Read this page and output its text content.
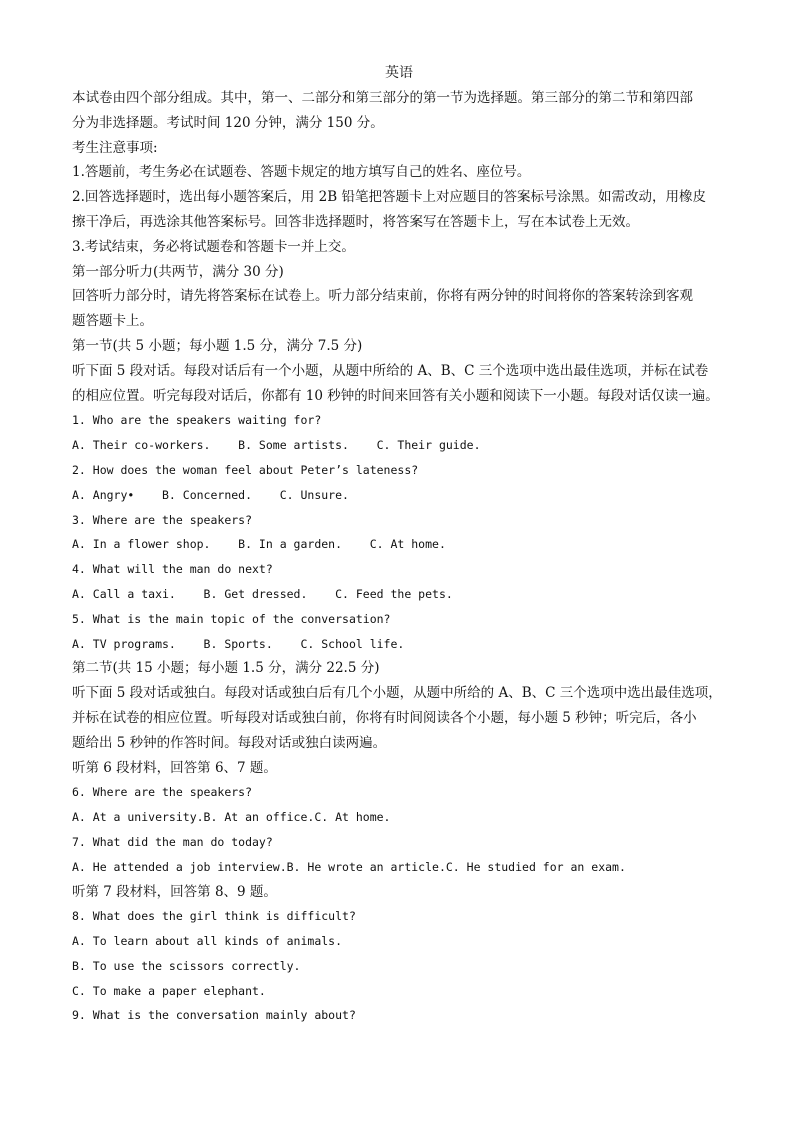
英语
本试卷由四个部分组成。其中，第一、二部分和第三部分的第一节为选择题。第三部分的第二节和第四部
分为非选择题。考试时间 120 分钟，满分 150 分。
考生注意事项:
1.答题前，考生务必在试题卷、答题卡规定的地方填写自己的姓名、座位号。
2.回答选择题时，选出每小题答案后，用 2B 铅笔把答题卡上对应题目的答案标号涂黑。如需改动，用橡皮
擦干净后，再选涂其他答案标号。回答非选择题时，将答案写在答题卡上，写在本试卷上无效。
3.考试结束，务必将试题卷和答题卡一并上交。
第一部分听力(共两节，满分 30 分)
回答听力部分时，请先将答案标在试卷上。听力部分结束前，你将有两分钟的时间将你的答案转涂到客观
题答题卡上。
第一节(共 5 小题；每小题 1.5 分，满分 7.5 分)
听下面 5 段对话。每段对话后有一个小题，从题中所给的 A、B、C 三个选项中选出最佳选项，并标在试卷
的相应位置。听完每段对话后，你都有 10 秒钟的时间来回答有关小题和阅读下一小题。每段对话仅读一遍。
1. Who are the speakers waiting for?
A. Their co-workers.    B. Some artists.    C. Their guide.
2. How does the woman feel about Peter’s lateness?
A. Angry•    B. Concerned.    C. Unsure.
3. Where are the speakers?
A. In a flower shop.    B. In a garden.    C. At home.
4. What will the man do next?
A. Call a taxi.    B. Get dressed.    C. Feed the pets.
5. What is the main topic of the conversation?
A. TV programs.    B. Sports.    C. School life.
第二节(共 15 小题；每小题 1.5 分，满分 22.5 分)
听下面 5 段对话或独白。每段对话或独白后有几个小题，从题中所给的 A、B、C 三个选项中选出最佳选项，
并标在试卷的相应位置。听每段对话或独白前，你将有时间阅读各个小题，每小题 5 秒钟；听完后，各小
题给出 5 秒钟的作答时间。每段对话或独白读两遍。
听第 6 段材料，回答第 6、7 题。
6. Where are the speakers?
A. At a university.B. At an office.C. At home.
7. What did the man do today?
A. He attended a job interview.B. He wrote an article.C. He studied for an exam.
听第 7 段材料，回答第 8、9 题。
8. What does the girl think is difficult?
A. To learn about all kinds of animals.
B. To use the scissors correctly.
C. To make a paper elephant.
9. What is the conversation mainly about?
